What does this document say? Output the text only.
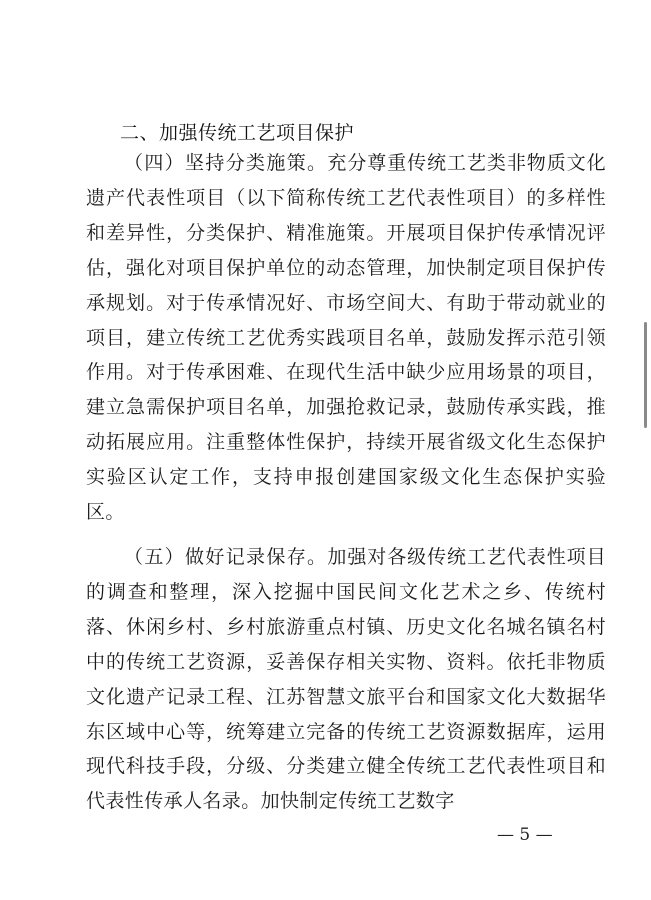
二、加强传统工艺项目保护

（四）坚持分类施策。充分尊重传统工艺类非物质文化遗产代表性项目（以下简称传统工艺代表性项目）的多样性和差异性，分类保护、精准施策。开展项目保护传承情况评估，强化对项目保护单位的动态管理，加快制定项目保护传承规划。对于传承情况好、市场空间大、有助于带动就业的项目，建立传统工艺优秀实践项目名单，鼓励发挥示范引领作用。对于传承困难、在现代生活中缺少应用场景的项目，建立急需保护项目名单，加强抢救记录，鼓励传承实践，推动拓展应用。注重整体性保护，持续开展省级文化生态保护实验区认定工作，支持申报创建国家级文化生态保护实验区。

（五）做好记录保存。加强对各级传统工艺代表性项目的调查和整理，深入挖掘中国民间文化艺术之乡、传统村落、休闲乡村、乡村旅游重点村镇、历史文化名城名镇名村中的传统工艺资源，妥善保存相关实物、资料。依托非物质文化遗产记录工程、江苏智慧文旅平台和国家文化大数据华东区域中心等，统筹建立完备的传统工艺资源数据库，运用现代科技手段，分级、分类建立健全传统工艺代表性项目和代表性传承人名录。加快制定传统工艺数字

— 5 —
